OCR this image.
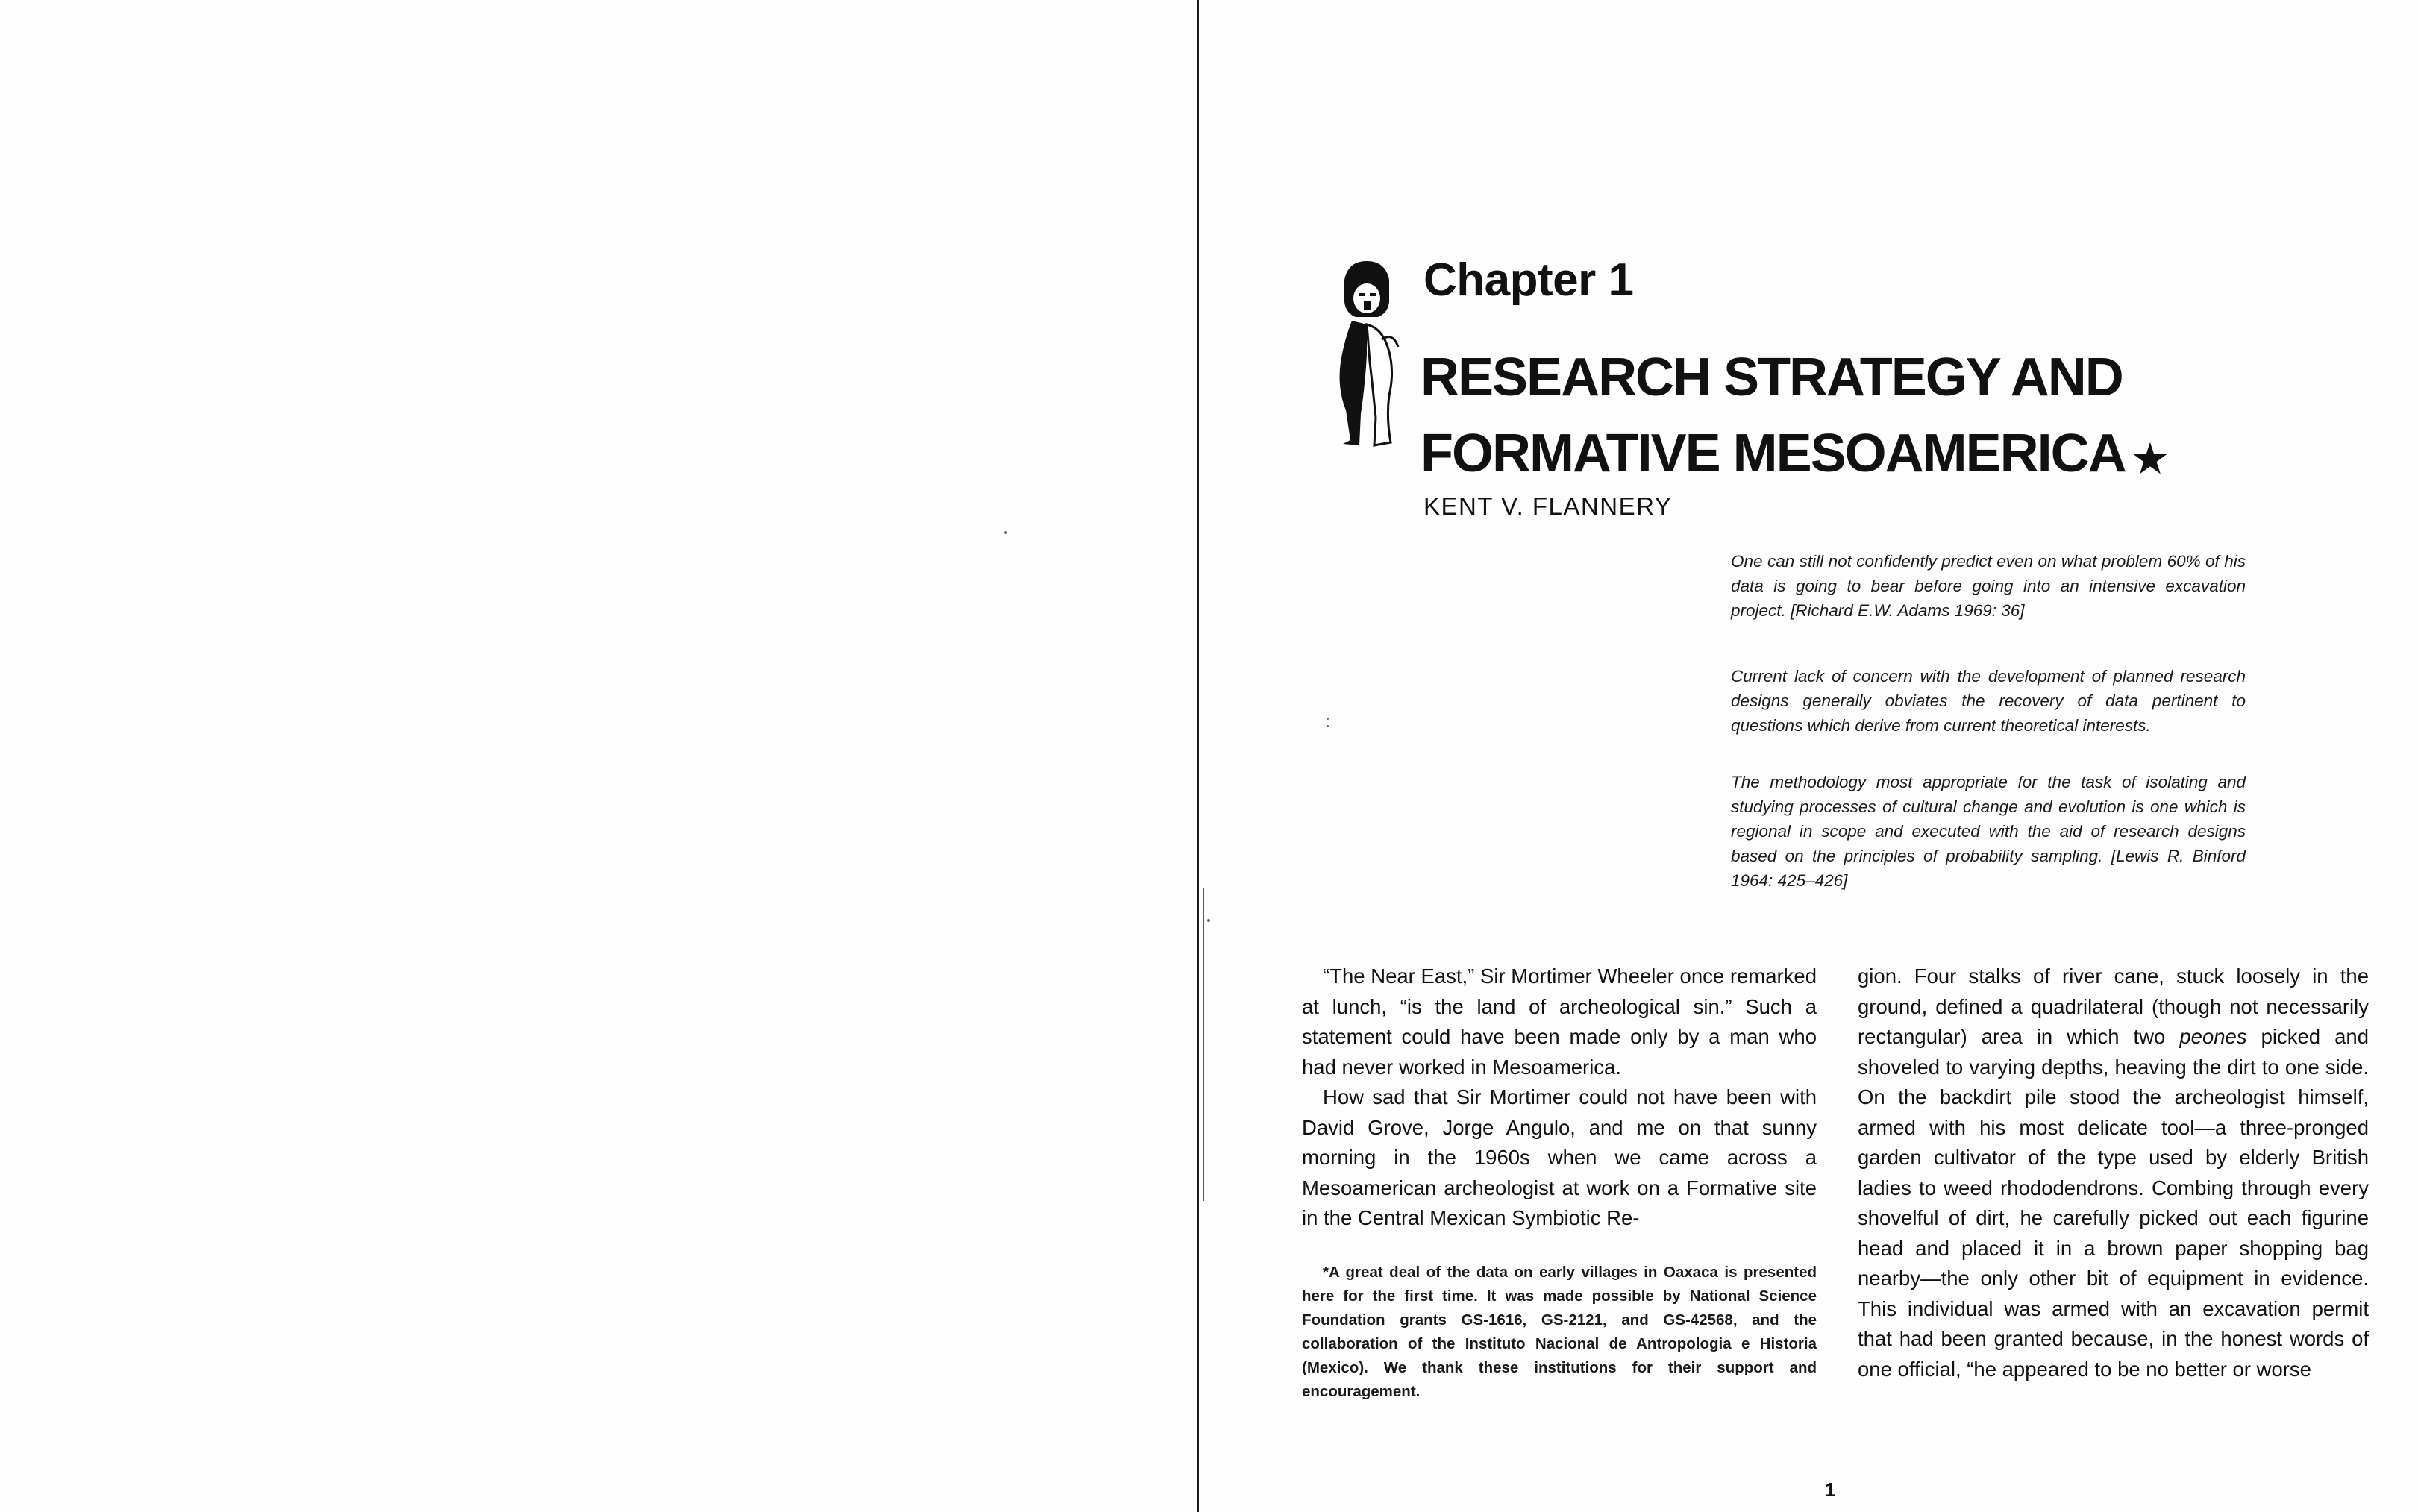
Chapter 1
RESEARCH STRATEGY AND
FORMATIVE MESOAMERICA ★
KENT V. FLANNERY
One can still not confidently predict even on what problem 60% of his data is going to bear before going into an intensive excavation project. [Richard E.W. Adams 1969: 36]
Current lack of concern with the development of planned research designs generally obviates the recovery of data pertinent to questions which derive from current theoretical interests.
The methodology most appropriate for the task of isolating and studying processes of cultural change and evolution is one which is regional in scope and executed with the aid of research designs based on the principles of probability sampling. [Lewis R. Binford 1964: 425–426]

“The Near East,” Sir Mortimer Wheeler once remarked at lunch, “is the land of archeological sin.” Such a statement could have been made only by a man who had never worked in Mesoamerica.

How sad that Sir Mortimer could not have been with David Grove, Jorge Angulo, and me on that sunny morning in the 1960s when we came across a Mesoamerican archeologist at work on a Formative site in the Central Mexican Symbiotic Re-

gion. Four stalks of river cane, stuck loosely in the ground, defined a quadrilateral (though not necessarily rectangular) area in which two peones picked and shoveled to varying depths, heaving the dirt to one side. On the backdirt pile stood the archeologist himself, armed with his most delicate tool—a three-pronged garden cultivator of the type used by elderly British ladies to weed rhododendrons. Combing through every shovelful of dirt, he carefully picked out each figurine head and placed it in a brown paper shopping bag nearby—the only other bit of equipment in evidence. This individual was armed with an excavation permit that had been granted because, in the honest words of one official, “he appeared to be no better or worse

*A great deal of the data on early villages in Oaxaca is presented here for the first time. It was made possible by National Science Foundation grants GS-1616, GS-2121, and GS-42568, and the collaboration of the Instituto Nacional de Antropologia e Historia (Mexico). We thank these institutions for their support and encouragement.

1
